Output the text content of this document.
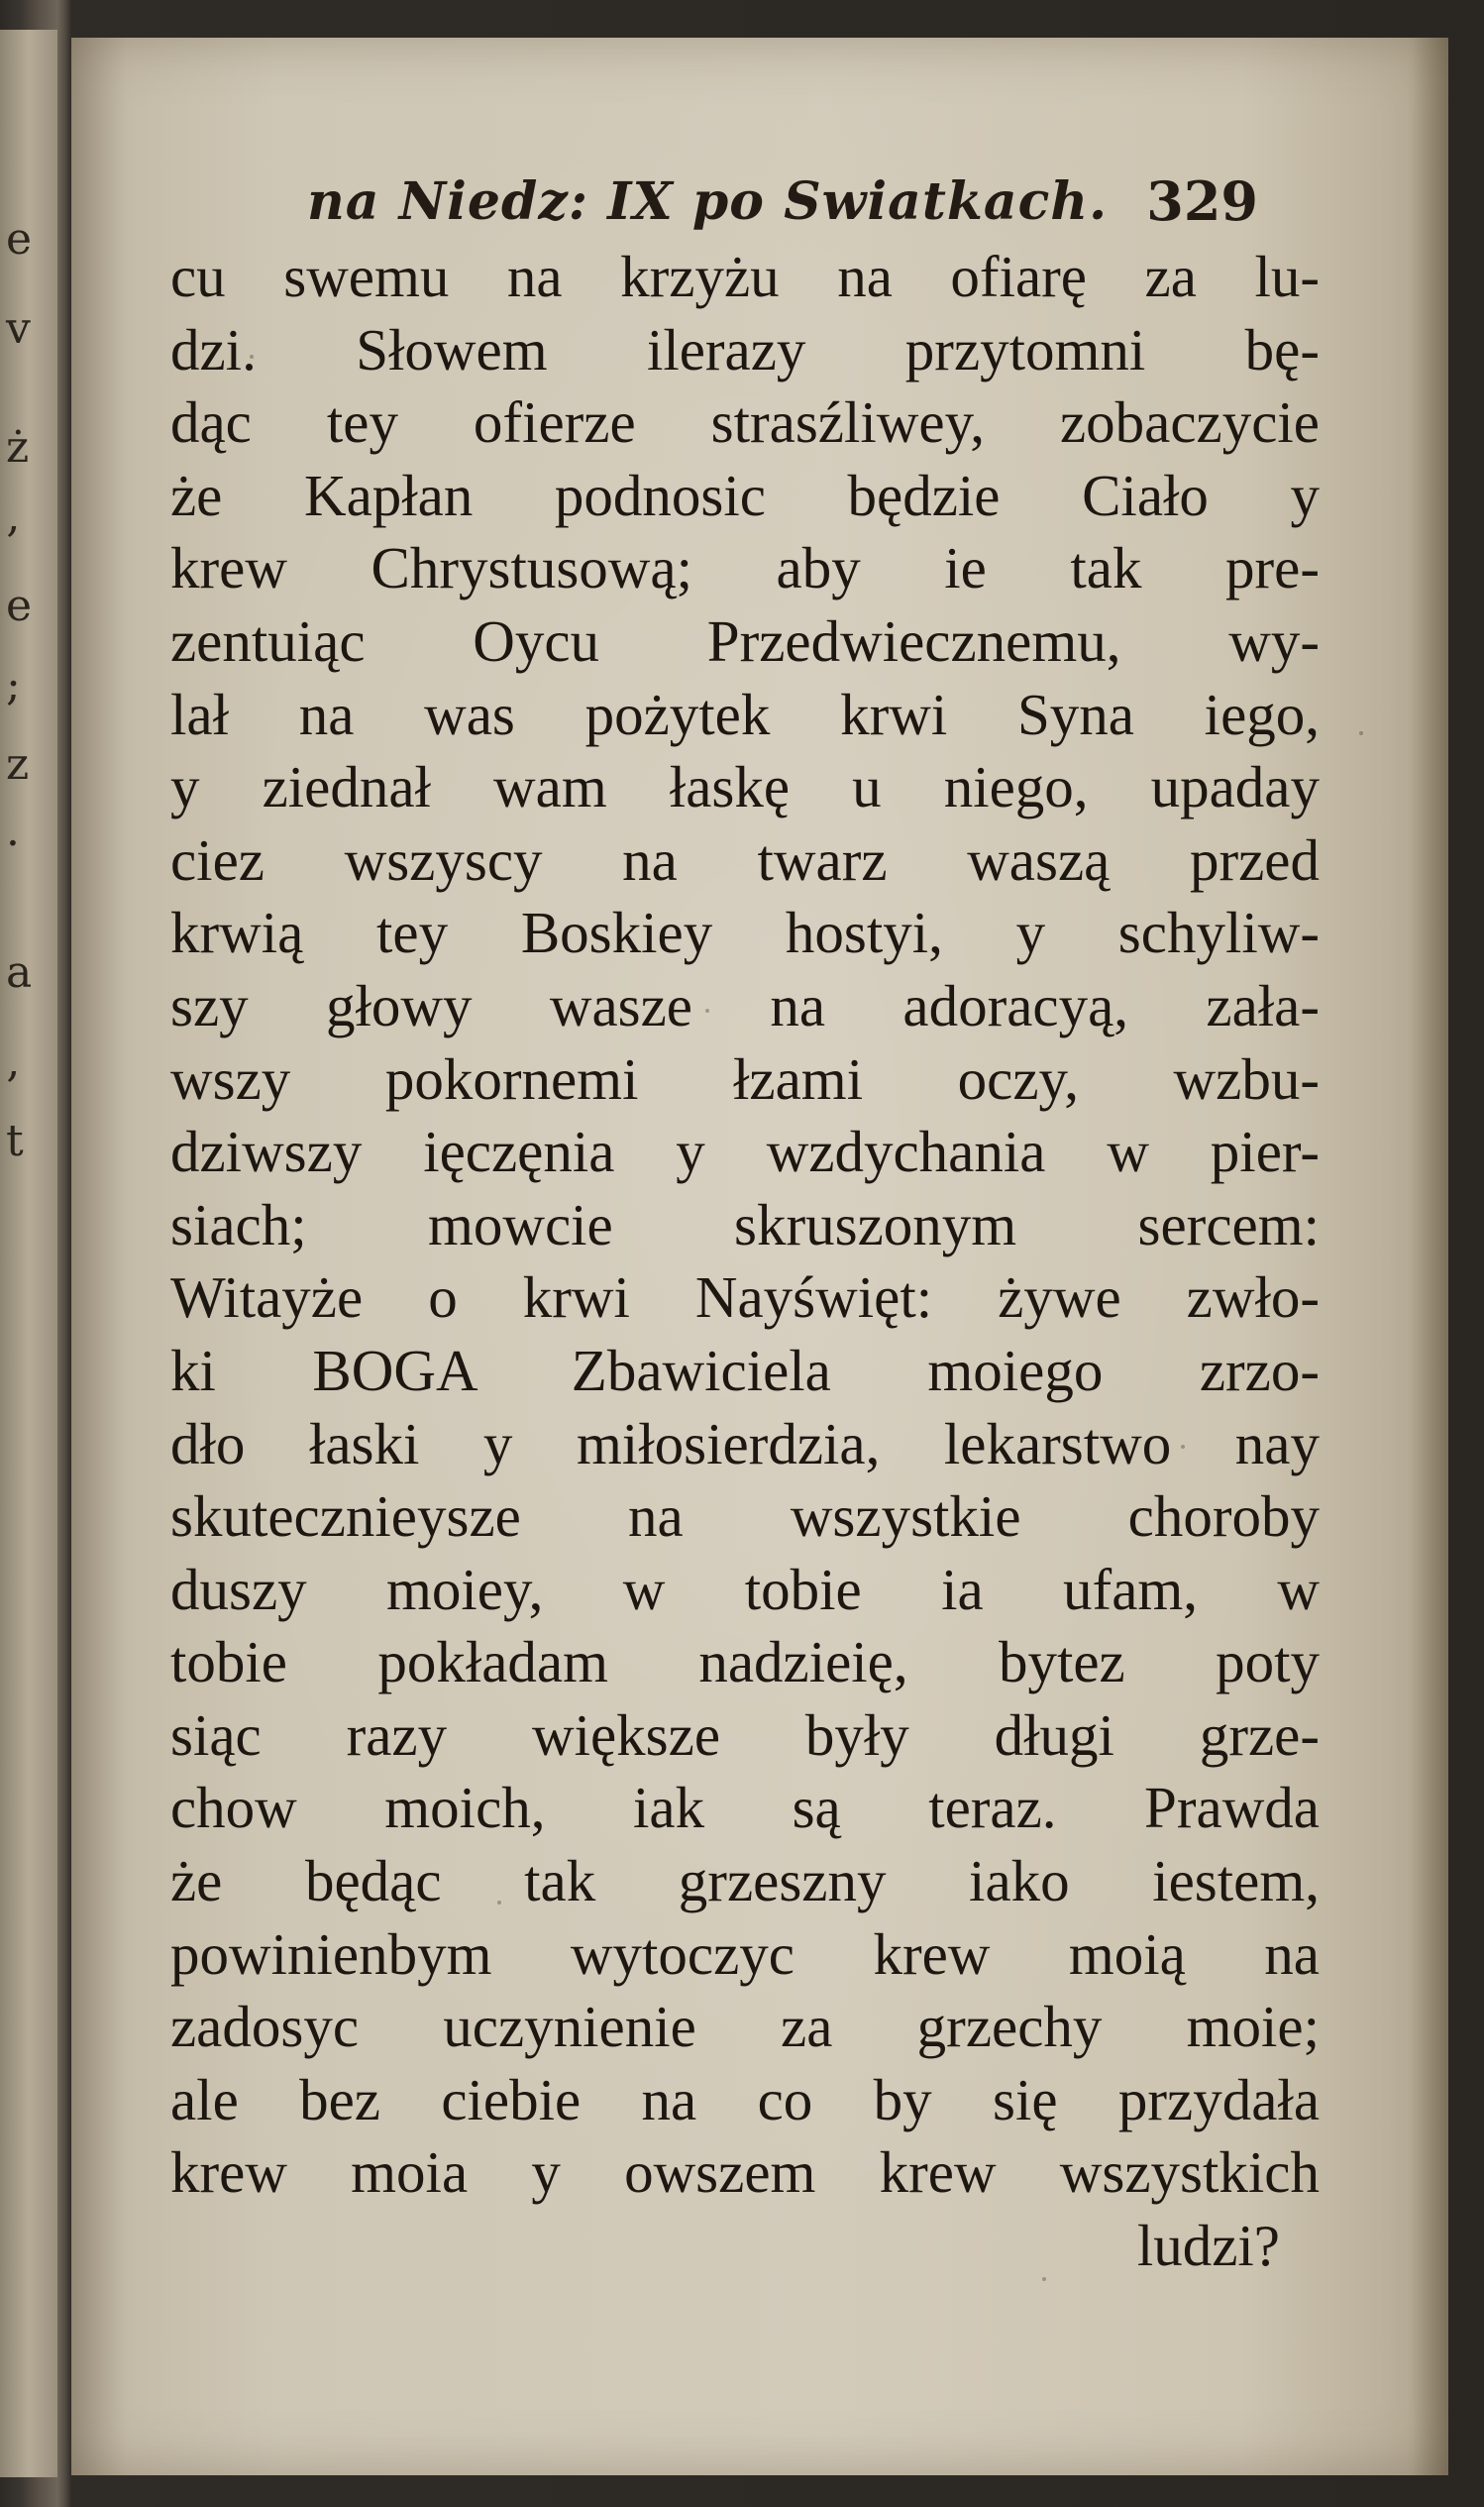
e
v
ż
‚
e
;
z
·
a
‚
t
na Niedz: IX po Swiatkach. 329
cu swemu na krzyżu na ofiarę za lu-
dzi. Słowem ilerazy przytomni bę-
dąc tey ofierze strasźliwey, zobaczycie
że Kapłan podnosic będzie Ciało y
krew Chrystusową; aby ie tak pre-
zentuiąc Oycu Przedwiecznemu, wy-
lał na was pożytek krwi Syna iego,
y ziednał wam łaskę u niego, upaday
ciez wszyscy na twarz waszą przed
krwią tey Boskiey hostyi, y schyliw-
szy głowy wasze na adoracyą, zała-
wszy pokornemi łzami oczy, wzbu-
dziwszy ięczęnia y wzdychania w pier-
siach; mowcie skruszonym sercem:
Witayże o krwi Nayświęt: żywe zwło-
ki BOGA Zbawiciela moiego zrzo-
dło łaski y miłosierdzia, lekarstwo nay
skutecznieysze na wszystkie choroby
duszy moiey, w tobie ia ufam, w
tobie pokładam nadzieię, bytez poty
siąc razy większe były długi grze-
chow moich, iak są teraz. Prawda
że będąc tak grzeszny iako iestem,
powinienbym wytoczyc krew moią na
zadosyc uczynienie za grzechy moie;
ale bez ciebie na co by się przydała
krew moia y owszem krew wszystkich
ludzi?
